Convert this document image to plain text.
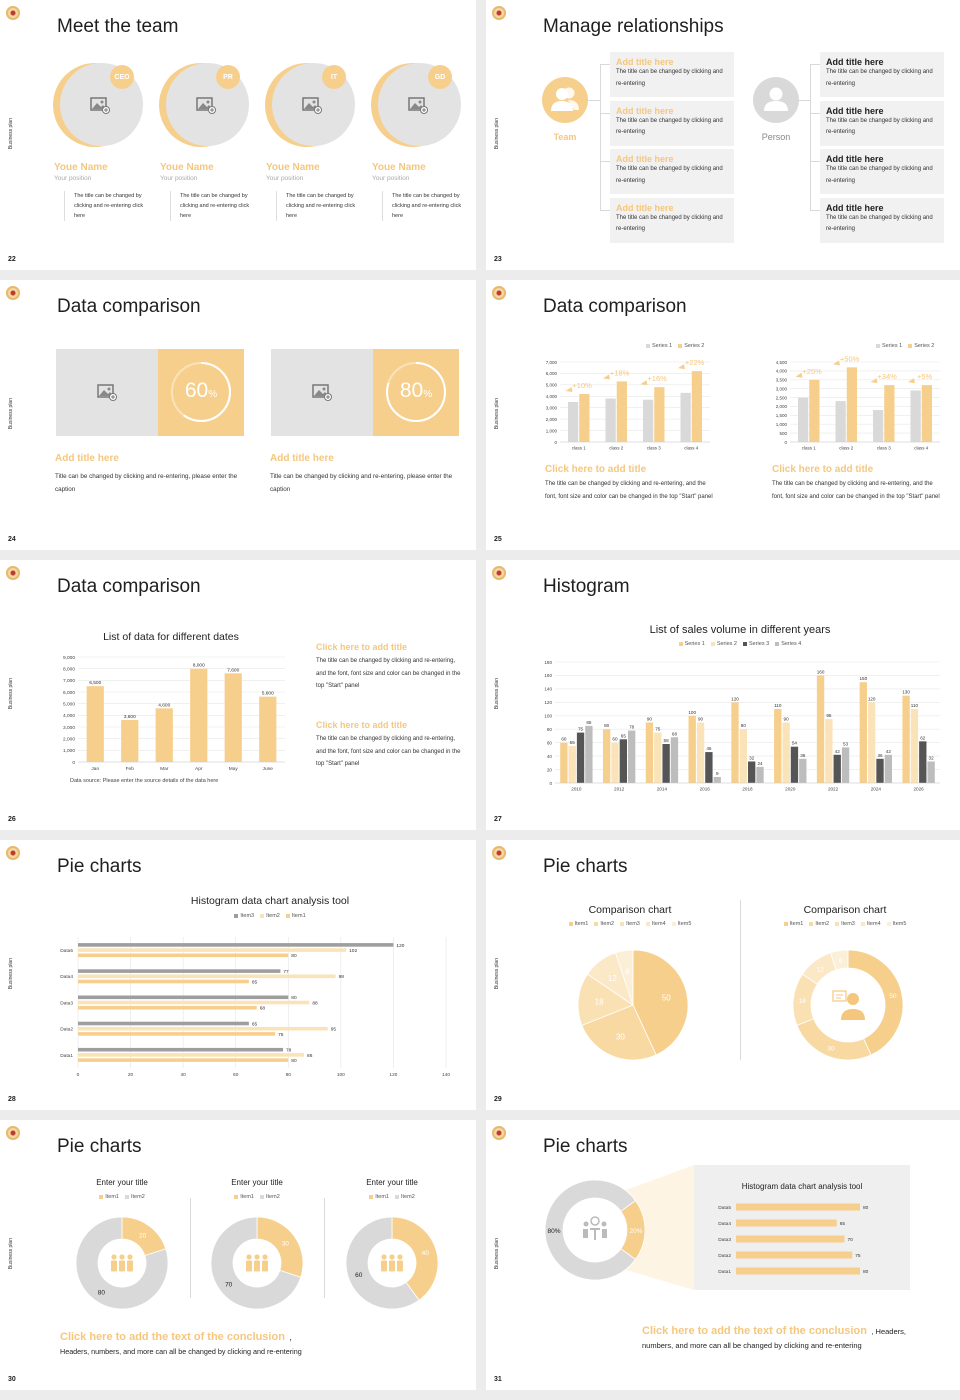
Business plan
22
Meet the team
CEO
Youe Name
Your position
The title can be changed by clicking and re-entering click here
PR
Youe Name
Your position
The title can be changed by clicking and re-entering click here
IT
Youe Name
Your position
The title can be changed by clicking and re-entering click here
GD
Youe Name
Your position
The title can be changed by clicking and re-entering click here
Business plan
23
Manage relationships
Team	Person
Add title here
The title can be changed by clicking and re-entering
Add title here
The title can be changed by clicking and re-entering
Add title here
The title can be changed by clicking and re-entering
Add title here
The title can be changed by clicking and re-entering
Add title here
The title can be changed by clicking and re-entering
Add title here
The title can be changed by clicking and re-entering
Add title here
The title can be changed by clicking and re-entering
Add title here
The title can be changed by clicking and re-entering
Business plan
24
Data comparison
60%
Add title here
Title can be changed by clicking and re-entering, please enter the caption
80%
Add title here
Title can be changed by clicking and re-entering, please enter the caption
Business plan
25
Data comparison
Series 1	Series 2	Series 1	Series 2
0
1,000
2,000
3,000
4,000
5,000
6,000
7,000
class 1
+10%
class 2
+18%
class 3
+16%
class 4
+22%
0
500
1,000
1,500
2,000
2,500
3,000
3,500
4,000
4,500
class 1
+25%
class 2
+50%
class 3
+34%
class 4
+5%
Click here to add title
The title can be changed by clicking and re-entering, and the font, font size and color can be changed in the top "Start" panel
Click here to add title
The title can be changed by clicking and re-entering, and the font, font size and color can be changed in the top "Start" panel
Business plan
26
Data comparison
List of data for different dates
0
1,000
2,000
3,000
4,000
5,000
6,000
7,000
8,000
9,000
Jan
6,500
Feb
3,600
Mar
4,600
Apr
8,000
May
7,600
June
5,600
Data source: Please enter the source details of the data here
Click here to add title
The title can be changed by clicking and re-entering, and the font, font size and color can be changed in the top "Start" panel
Click here to add title
The title can be changed by clicking and re-entering, and the font, font size and color can be changed in the top "Start" panel
Business plan
27
Histogram
List of sales volume in different years
Series 1	Series 2	Series 3	Series 4
0
20
40
60
80
100
120
140
160
180
2010
60
55
75
85
2012
80
60
65
78
2014
90
75
58
68
2016
100
90
46
9
2018
120
80
32
24
2020
110
90
54
36
2022
160
95
42
53
2024
150
120
36
42
2026
130
110
62
32
Business plan
28
Pie charts
Histogram data chart analysis tool
Item3	Item2	Item1
0	20	40	60	80	100	120	140
Data1
80
86
78
Data2
75
95
65
Data3
68
88
80
Data4
65
98
77
Data5
80
102
120
Business plan
29
Pie charts
Comparison chart	Comparison chart
Item1	Item2	Item3	Item4	Item5	Item1	Item2	Item3	Item4	Item5
50
30
18
12
6
50
30
18
12
6
Business plan
30
Pie charts
Click here to add the text of the conclusion ,
Headers, numbers, and more can all be changed by clicking and re-entering
Enter your title
Item1	Item2
20
80
Enter your title
Item1	Item2
30
70
Enter your title
Item1	Item2
40
60
Business plan
31
Pie charts
20%
80%
Histogram data chart analysis tool
Data1	80
Data2	75
Data3	70
Data4	65
Data5	80
Click here to add the text of the conclusion , Headers,
numbers, and more can all be changed by clicking and re-entering
